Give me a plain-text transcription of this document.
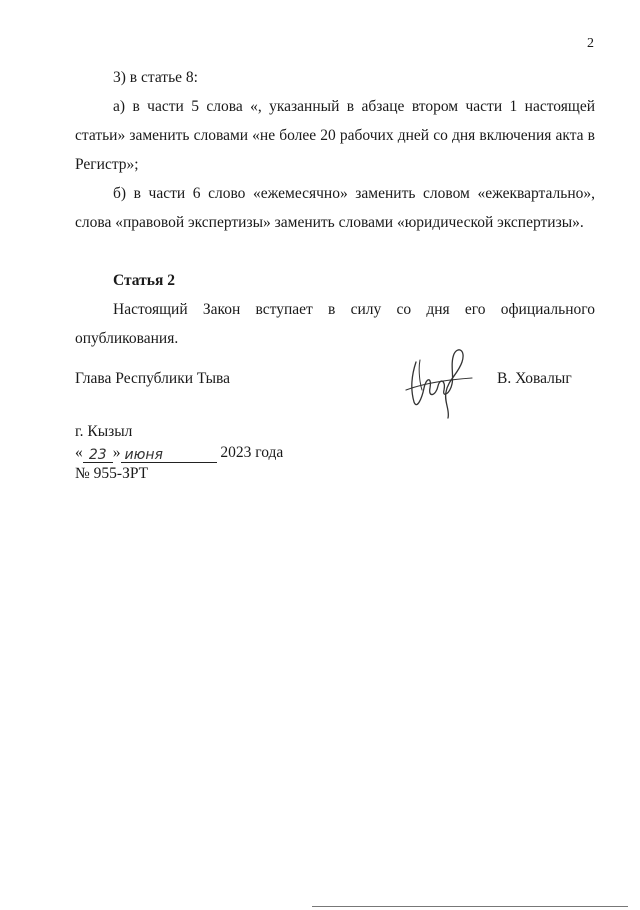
2

3) в статье 8:

а) в части 5 слова «, указанный в абзаце втором части 1 настоящей статьи» заменить словами «не более 20 рабочих дней со дня включения акта в Регистр»;

б) в части 6 слово «ежемесячно» заменить словом «ежеквартально», слова «правовой экспертизы» заменить словами «юридической экспертизы».

Статья 2

Настоящий Закон вступает в силу со дня его официального опубликования.

Глава Республики Тыва	В. Ховалыг
г. Кызыл
« 23 » июня	2023 года
№ 955-ЗРТ
